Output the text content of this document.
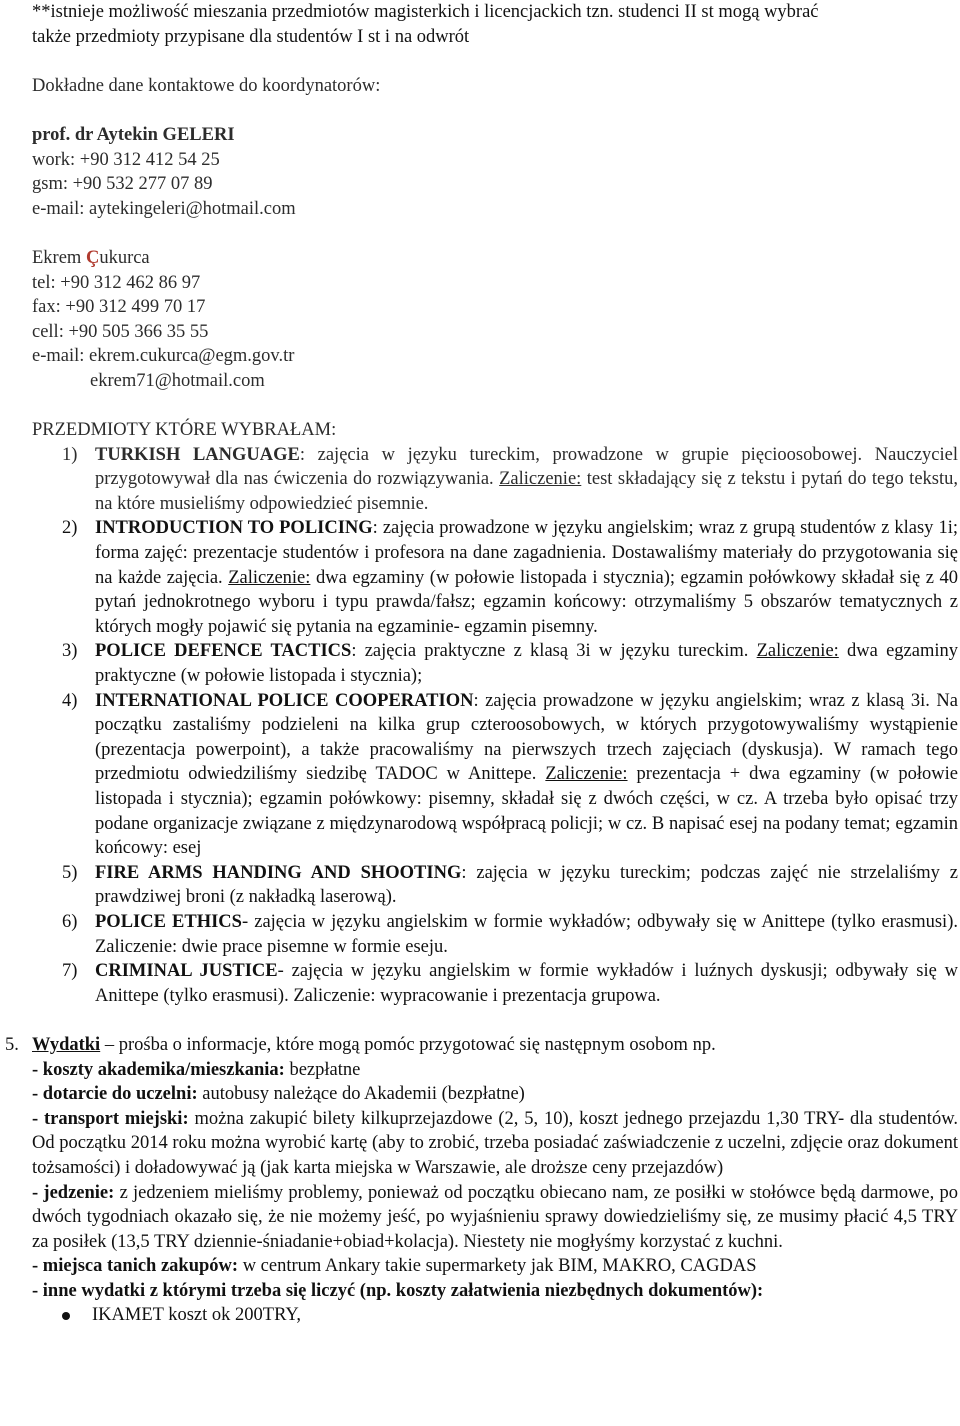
**istnieje możliwość mieszania przedmiotów magisterkich i licencjackich tzn. studenci II st mogą wybrać

także przedmioty przypisane dla studentów I st i na odwrót

Dokładne dane kontaktowe do koordynatorów:

prof. dr Aytekin GELERI

work: +90 312 412 54 25

gsm: +90 532 277 07 89

e-mail: aytekingeleri@hotmail.com

Ekrem Çukurca

tel: +90 312 462 86 97

fax: +90 312 499 70 17

cell: +90 505 366 35 55

e-mail: ekrem.cukurca@egm.gov.tr

ekrem71@hotmail.com

PRZEDMIOTY KTÓRE WYBRAŁAM:

1) TURKISH LANGUAGE: zajęcia w języku tureckim, prowadzone w grupie pięcioosobowej. Nauczyciel przygotowywał dla nas ćwiczenia do rozwiązywania. Zaliczenie: test składający się z tekstu i pytań do tego tekstu, na które musieliśmy odpowiedzieć pisemnie.
2) INTRODUCTION TO POLICING: zajęcia prowadzone w języku angielskim; wraz z grupą studentów z klasy 1i; forma zajęć: prezentacje studentów i profesora na dane zagadnienia. Dostawaliśmy materiały do przygotowania się na każde zajęcia. Zaliczenie: dwa egzaminy (w połowie listopada i stycznia); egzamin połówkowy składał się z 40 pytań jednokrotnego wyboru i typu prawda/fałsz; egzamin końcowy: otrzymaliśmy 5 obszarów tematycznych z których mogły pojawić się pytania na egzaminie- egzamin pisemny.
3) POLICE DEFENCE TACTICS: zajęcia praktyczne z klasą 3i w języku tureckim. Zaliczenie: dwa egzaminy praktyczne (w połowie listopada i stycznia);
4) INTERNATIONAL POLICE COOPERATION: zajęcia prowadzone w języku angielskim; wraz z klasą 3i. Na początku zastaliśmy podzieleni na kilka grup czteroosobowych, w których przygotowywaliśmy wystąpienie (prezentacja powerpoint), a także pracowaliśmy na pierwszych trzech zajęciach (dyskusja). W ramach tego przedmiotu odwiedziliśmy siedzibę TADOC w Anittepe. Zaliczenie: prezentacja + dwa egzaminy (w połowie listopada i stycznia); egzamin połówkowy: pisemny, składał się z dwóch części, w cz. A trzeba było opisać trzy podane organizacje związane z międzynarodową współpracą policji; w cz. B napisać esej na podany temat; egzamin końcowy: esej
5) FIRE ARMS HANDING AND SHOOTING: zajęcia w języku tureckim; podczas zajęć nie strzelaliśmy z prawdziwej broni (z nakładką laserową).
6) POLICE ETHICS- zajęcia w języku angielskim w formie wykładów; odbywały się w Anittepe (tylko erasmusi). Zaliczenie: dwie prace pisemne w formie eseju.
7) CRIMINAL JUSTICE- zajęcia w języku angielskim w formie wykładów i luźnych dyskusji; odbywały się w Anittepe (tylko erasmusi). Zaliczenie: wypracowanie i prezentacja grupowa.

5. Wydatki – prośba o informacje, które mogą pomóc przygotować się następnym osobom np.

- koszty akademika/mieszkania: bezpłatne

- dotarcie do uczelni: autobusy należące do Akademii (bezpłatne)

- transport miejski: można zakupić bilety kilkuprzejazdowe (2, 5, 10), koszt jednego przejazdu 1,30 TRY- dla studentów. Od początku 2014 roku można wyrobić kartę (aby to zrobić, trzeba posiadać zaświadczenie z uczelni, zdjęcie oraz dokument tożsamości) i doładowywać ją (jak karta miejska w Warszawie, ale droższe ceny przejazdów)

- jedzenie: z jedzeniem mieliśmy problemy, ponieważ od początku obiecano nam, ze posiłki w stołówce będą darmowe, po dwóch tygodniach okazało się, że nie możemy jeść, po wyjaśnieniu sprawy dowiedzieliśmy się, ze musimy płacić 4,5 TRY za posiłek (13,5 TRY dziennie-śniadanie+obiad+kolacja). Niestety nie mogłyśmy korzystać z kuchni.

- miejsca tanich zakupów: w centrum Ankary takie supermarkety jak BIM, MAKRO, CAGDAS

- inne wydatki z którymi trzeba się liczyć (np. koszty załatwienia niezbędnych dokumentów):

IKAMET koszt ok 200TRY,
